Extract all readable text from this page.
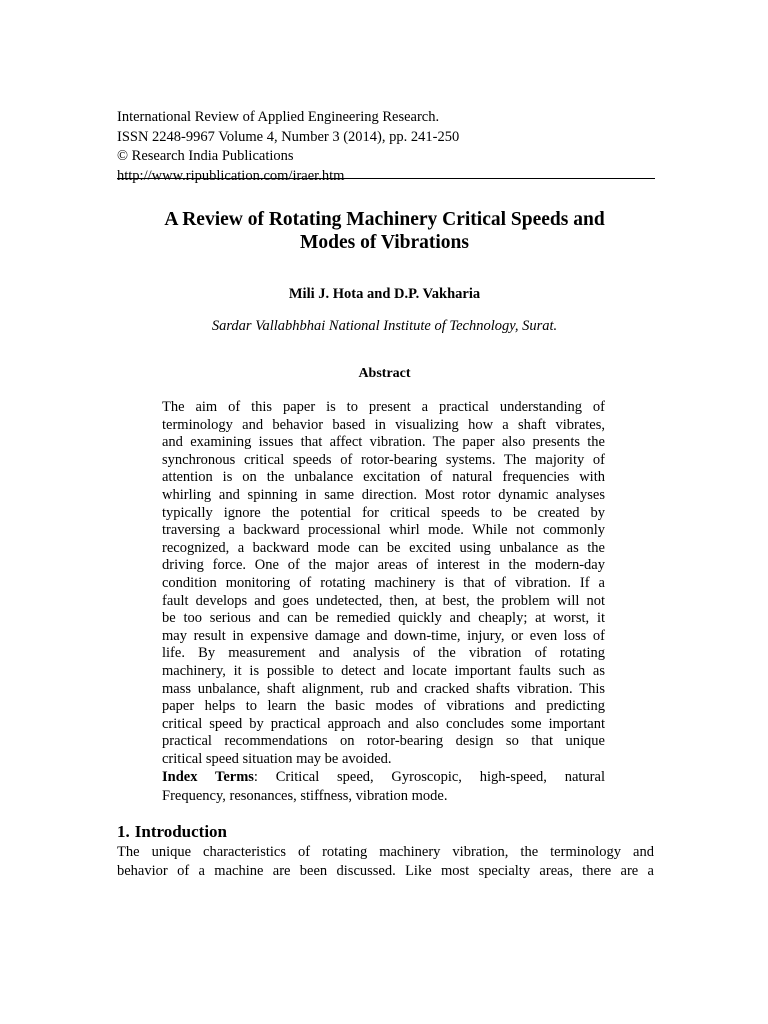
International Review of Applied Engineering Research.
ISSN 2248-9967 Volume 4, Number 3 (2014), pp. 241-250
© Research India Publications
http://www.ripublication.com/iraer.htm
A Review of Rotating Machinery Critical Speeds and
Modes of Vibrations
Mili J. Hota and D.P. Vakharia
Sardar Vallabhbhai National Institute of Technology, Surat.
Abstract
The aim of this paper is to present a practical understanding of
terminology and behavior based in visualizing how a shaft vibrates,
and examining issues that affect vibration. The paper also presents the
synchronous critical speeds of rotor-bearing systems. The majority of
attention is on the unbalance excitation of natural frequencies with
whirling and spinning in same direction. Most rotor dynamic analyses
typically ignore the potential for critical speeds to be created by
traversing a backward processional whirl mode. While not commonly
recognized, a backward mode can be excited using unbalance as the
driving force. One of the major areas of interest in the modern-day
condition monitoring of rotating machinery is that of vibration. If a
fault develops and goes undetected, then, at best, the problem will not
be too serious and can be remedied quickly and cheaply; at worst, it
may result in expensive damage and down-time, injury, or even loss of
life. By measurement and analysis of the vibration of rotating
machinery, it is possible to detect and locate important faults such as
mass unbalance, shaft alignment, rub and cracked shafts vibration. This
paper helps to learn the basic modes of vibrations and predicting
critical speed by practical approach and also concludes some important
practical recommendations on rotor-bearing design so that unique
critical speed situation may be avoided.
Index Terms: Critical speed, Gyroscopic, high-speed, natural
Frequency, resonances, stiffness, vibration mode.
1. Introduction
The unique characteristics of rotating machinery vibration, the terminology and
behavior of a machine are been discussed. Like most specialty areas, there are a
